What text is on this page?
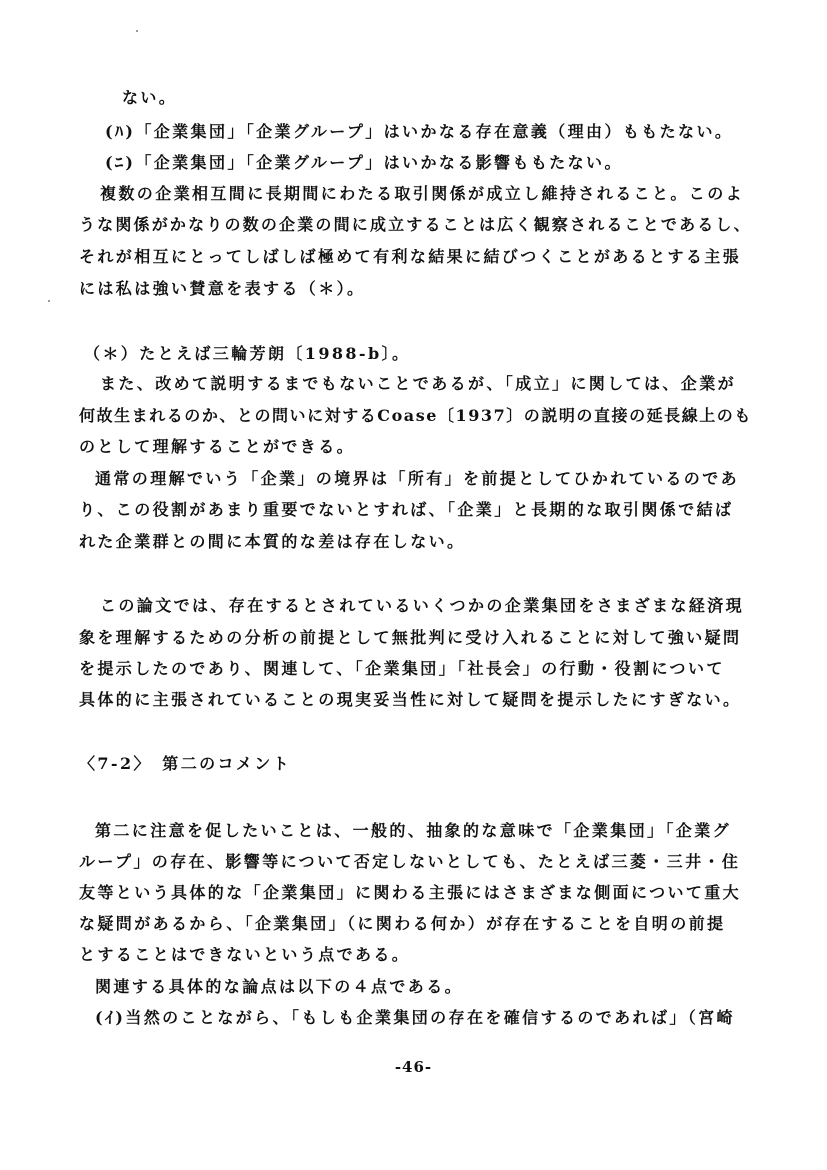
ない。
(ﾊ)「企業集団」「企業グループ」はいかなる存在意義（理由）ももたない。
(ﾆ)「企業集団」「企業グループ」はいかなる影響ももたない。
複数の企業相互間に長期間にわたる取引関係が成立し維持されること。このよ
うな関係がかなりの数の企業の間に成立することは広く観察されることであるし、
それが相互にとってしばしば極めて有利な結果に結びつくことがあるとする主張
には私は強い賛意を表する（＊）。
（＊）たとえば三輪芳朗〔1988-b〕。
また、改めて説明するまでもないことであるが、「成立」に関しては、企業が
何故生まれるのか、との問いに対するCoase〔1937〕の説明の直接の延長線上のも
のとして理解することができる。
通常の理解でいう「企業」の境界は「所有」を前提としてひかれているのであ
り、この役割があまり重要でないとすれば、「企業」と長期的な取引関係で結ば
れた企業群との間に本質的な差は存在しない。
この論文では、存在するとされているいくつかの企業集団をさまざまな経済現
象を理解するための分析の前提として無批判に受け入れることに対して強い疑問
を提示したのであり、関連して、「企業集団」「社長会」の行動・役割について
具体的に主張されていることの現実妥当性に対して疑問を提示したにすぎない。
〈7-2〉　第二のコメント
第二に注意を促したいことは、一般的、抽象的な意味で「企業集団」「企業グ
ループ」の存在、影響等について否定しないとしても、たとえば三菱・三井・住
友等という具体的な「企業集団」に関わる主張にはさまざまな側面について重大
な疑問があるから、「企業集団」（に関わる何か）が存在することを自明の前提
とすることはできないという点である。
関連する具体的な論点は以下の４点である。
(ｲ)当然のことながら、「もしも企業集団の存在を確信するのであれば」（宮崎
-46-
